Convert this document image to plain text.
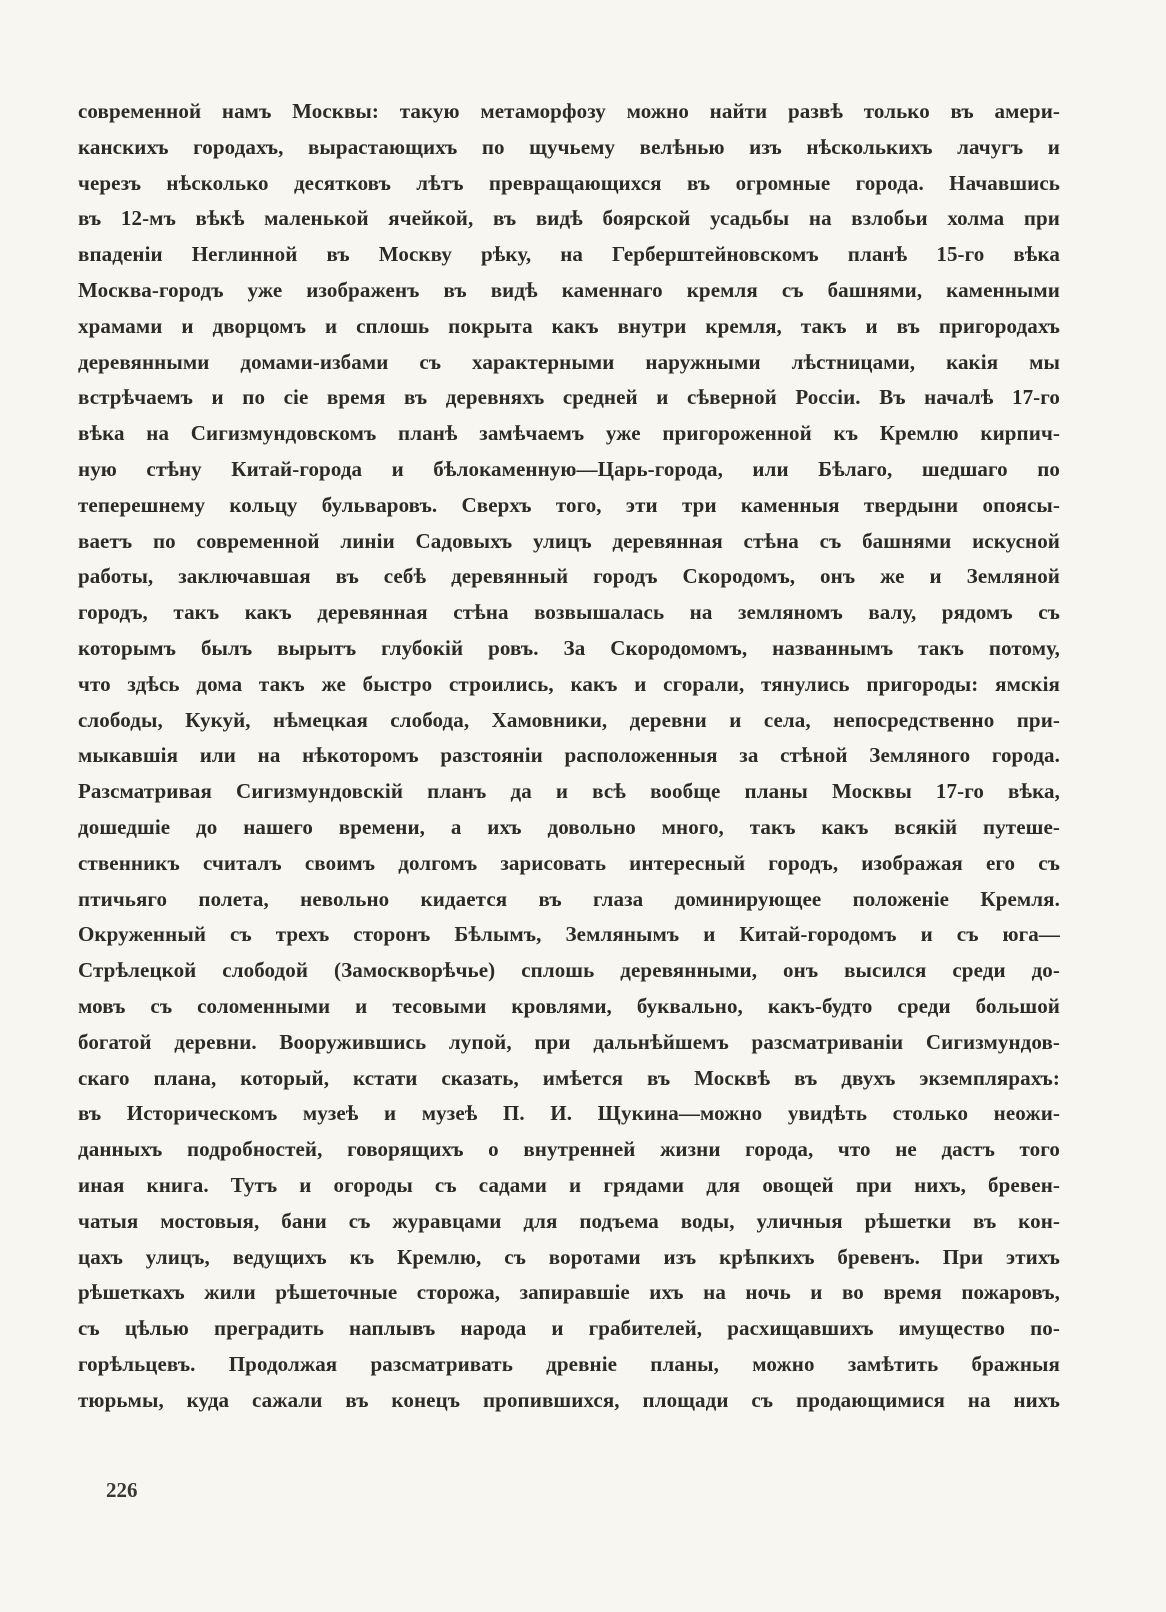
современной намъ Москвы: такую метаморфозу можно найти развѣ только въ амери-
канскихъ городахъ, вырастающихъ по щучьему велѣнью изъ нѣсколькихъ лачугъ и
черезъ нѣсколько десятковъ лѣтъ превращающихся въ огромные города. Начавшись
въ 12-мъ вѣкѣ маленькой ячейкой, въ видѣ боярской усадьбы на взлобьи холма при
впаденіи Неглинной въ Москву рѣку, на Герберштейновскомъ планѣ 15-го вѣка
Москва-городъ уже изображенъ въ видѣ каменнаго кремля съ башнями, каменными
храмами и дворцомъ и сплошь покрыта какъ внутри кремля, такъ и въ пригородахъ
деревянными домами-избами съ характерными наружными лѣстницами, какія мы
встрѣчаемъ и по сіе время въ деревняхъ средней и сѣверной Россіи. Въ началѣ 17-го
вѣка на Сигизмундовскомъ планѣ замѣчаемъ уже пригороженной къ Кремлю кирпич-
ную стѣну Китай-города и бѣлокаменную—Царь-города, или Бѣлаго, шедшаго по
теперешнему кольцу бульваровъ. Сверхъ того, эти три каменныя твердыни опоясы-
ваетъ по современной линіи Садовыхъ улицъ деревянная стѣна съ башнями искусной
работы, заключавшая въ себѣ деревянный городъ Скородомъ, онъ же и Земляной
городъ, такъ какъ деревянная стѣна возвышалась на земляномъ валу, рядомъ съ
которымъ былъ вырытъ глубокій ровъ. За Скородомомъ, названнымъ такъ потому,
что здѣсь дома такъ же быстро строились, какъ и сгорали, тянулись пригороды: ямскія
слободы, Кукуй, нѣмецкая слобода, Хамовники, деревни и села, непосредственно при-
мыкавшія или на нѣкоторомъ разстояніи расположенныя за стѣной Земляного города.
Разсматривая Сигизмундовскій планъ да и всѣ вообще планы Москвы 17-го вѣка,
дошедшіе до нашего времени, а ихъ довольно много, такъ какъ всякій путеше-
ственникъ считалъ своимъ долгомъ зарисовать интересный городъ, изображая его съ
птичьяго полета, невольно кидается въ глаза доминирующее положеніе Кремля.
Окруженный съ трехъ сторонъ Бѣлымъ, Землянымъ и Китай-городомъ и съ юга—
Стрѣлецкой слободой (Замоскворѣчье) сплошь деревянными, онъ высился среди до-
мовъ съ соломенными и тесовыми кровлями, буквально, какъ-будто среди большой
богатой деревни. Вооружившись лупой, при дальнѣйшемъ разсматриваніи Сигизмундов-
скаго плана, который, кстати сказать, имѣется въ Москвѣ въ двухъ экземплярахъ:
въ Историческомъ музеѣ и музеѣ П. И. Щукина—можно увидѣть столько неожи-
данныхъ подробностей, говорящихъ о внутренней жизни города, что не дастъ того
иная книга. Тутъ и огороды съ садами и грядами для овощей при нихъ, бревен-
чатыя мостовыя, бани съ журавцами для подъема воды, уличныя рѣшетки въ кон-
цахъ улицъ, ведущихъ къ Кремлю, съ воротами изъ крѣпкихъ бревенъ. При этихъ
рѣшеткахъ жили рѣшеточные сторожа, запиравшіе ихъ на ночь и во время пожаровъ,
съ цѣлью преградить наплывъ народа и грабителей, расхищавшихъ имущество по-
горѣльцевъ. Продолжая разсматривать древніе планы, можно замѣтить бражныя
тюрьмы, куда сажали въ конецъ пропившихся, площади съ продающимися на нихъ
226
